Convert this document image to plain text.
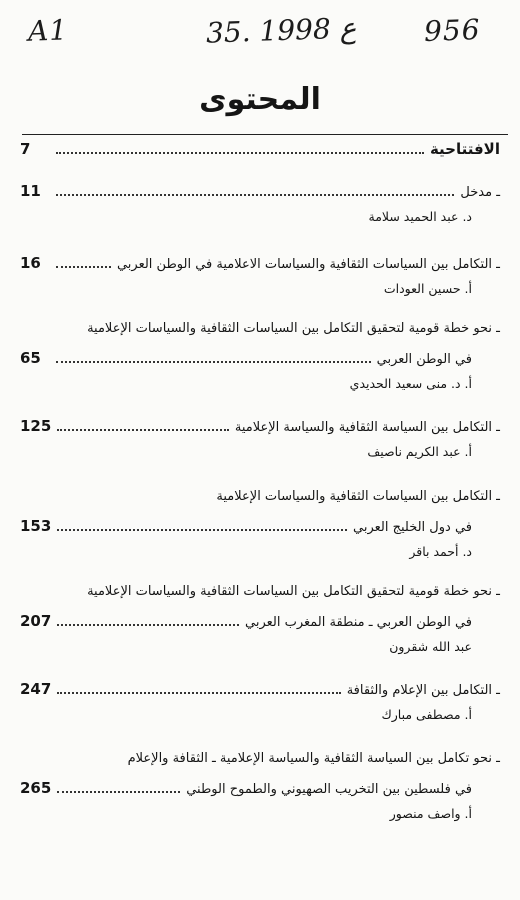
A1	35. ع 1998 956
المحتوى
الافتتاحية
7
ـ مدخل
11
د. عبد الحميد سلامة
ـ التكامل بين السياسات الثقافية والسياسات الاعلامية في الوطن العربي
16
أ. حسين العودات
ـ نحو خطة قومية لتحقيق التكامل بين السياسات الثقافية والسياسات الإعلامية
في الوطن العربي
65
أ. د. منى سعيد الحديدي
ـ التكامل بين السياسة الثقافية والسياسة الإعلامية
125
أ. عبد الكريم ناصيف
ـ التكامل بين السياسات الثقافية والسياسات الإعلامية
في دول الخليج العربي
153
د. أحمد باقر
ـ نحو خطة قومية لتحقيق التكامل بين السياسات الثقافية والسياسات الإعلامية
في الوطن العربي ـ منطقة المغرب العربي
207
عبد الله شقرون
ـ التكامل بين الإعلام والثقافة
247
أ. مصطفى مبارك
ـ نحو تكامل بين السياسة الثقافية والسياسة الإعلامية ـ الثقافة والإعلام
في فلسطين بين التخريب الصهيوني والطموح الوطني
265
أ. واصف منصور
